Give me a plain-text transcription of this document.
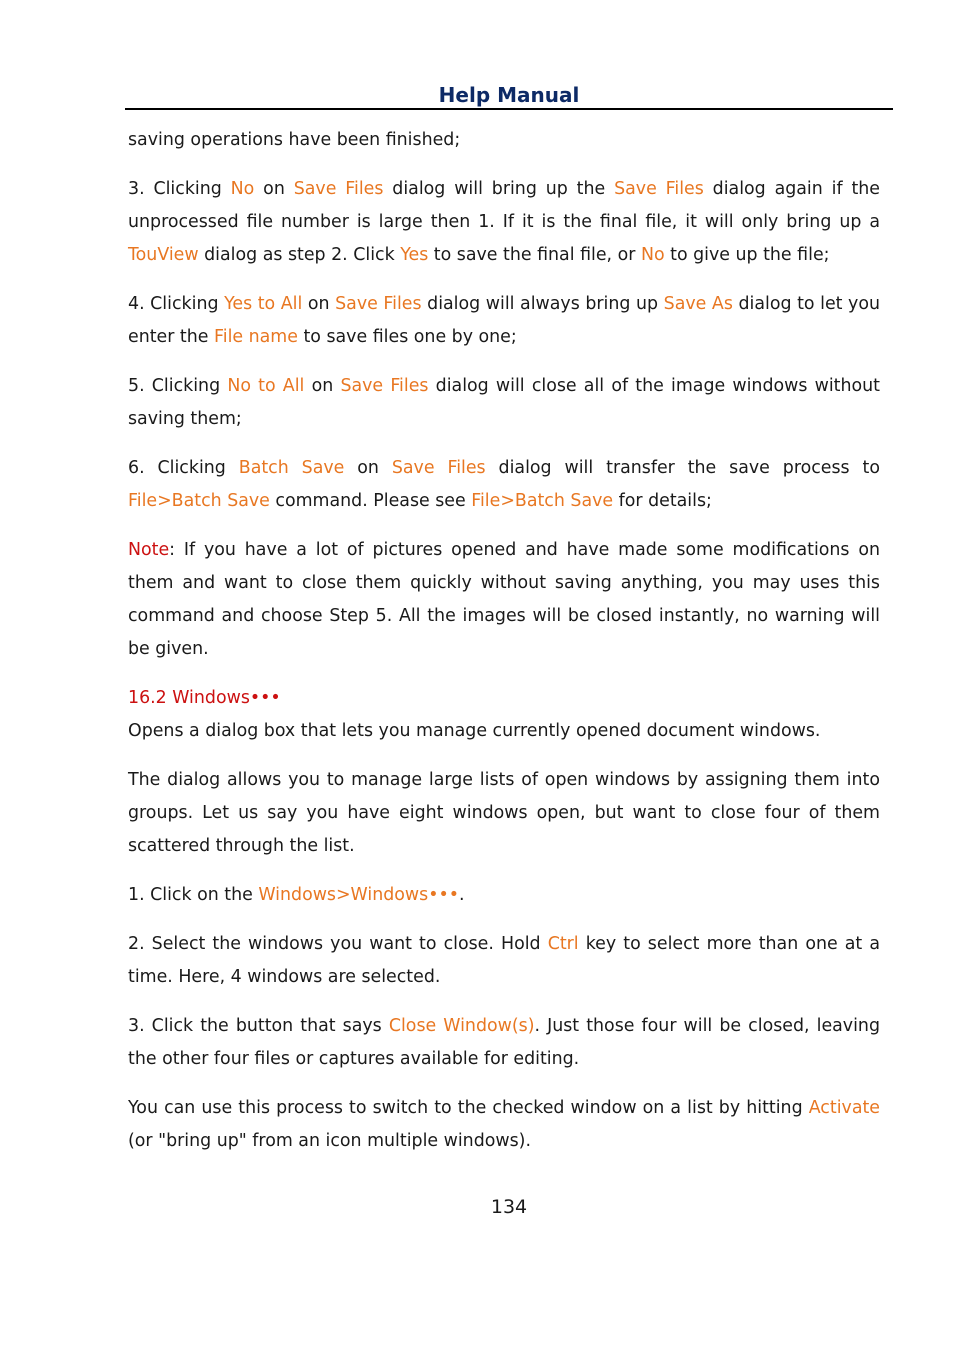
Help Manual

saving operations have been finished;

3. Clicking No on Save Files dialog will bring up the Save Files dialog again if the unprocessed file number is large then 1. If it is the final file, it will only bring up a TouView dialog as step 2. Click Yes to save the final file, or No to give up the file;

4. Clicking Yes to All on Save Files dialog will always bring up Save As dialog to let you enter the File name to save files one by one;

5. Clicking No to All on Save Files dialog will close all of the image windows without saving them;

6. Clicking Batch Save on Save Files dialog will transfer the save process to File>Batch Save command. Please see File>Batch Save for details;

Note: If you have a lot of pictures opened and have made some modifications on them and want to close them quickly without saving anything, you may uses this command and choose Step 5. All the images will be closed instantly, no warning will be given.

16.2 Windows•••

Opens a dialog box that lets you manage currently opened document windows.

The dialog allows you to manage large lists of open windows by assigning them into groups. Let us say you have eight windows open, but want to close four of them scattered through the list.

1. Click on the Windows>Windows•••.

2. Select the windows you want to close. Hold Ctrl key to select more than one at a time. Here, 4 windows are selected.

3. Click the button that says Close Window(s). Just those four will be closed, leaving the other four files or captures available for editing.

You can use this process to switch to the checked window on a list by hitting Activate (or "bring up" from an icon multiple windows).

134
